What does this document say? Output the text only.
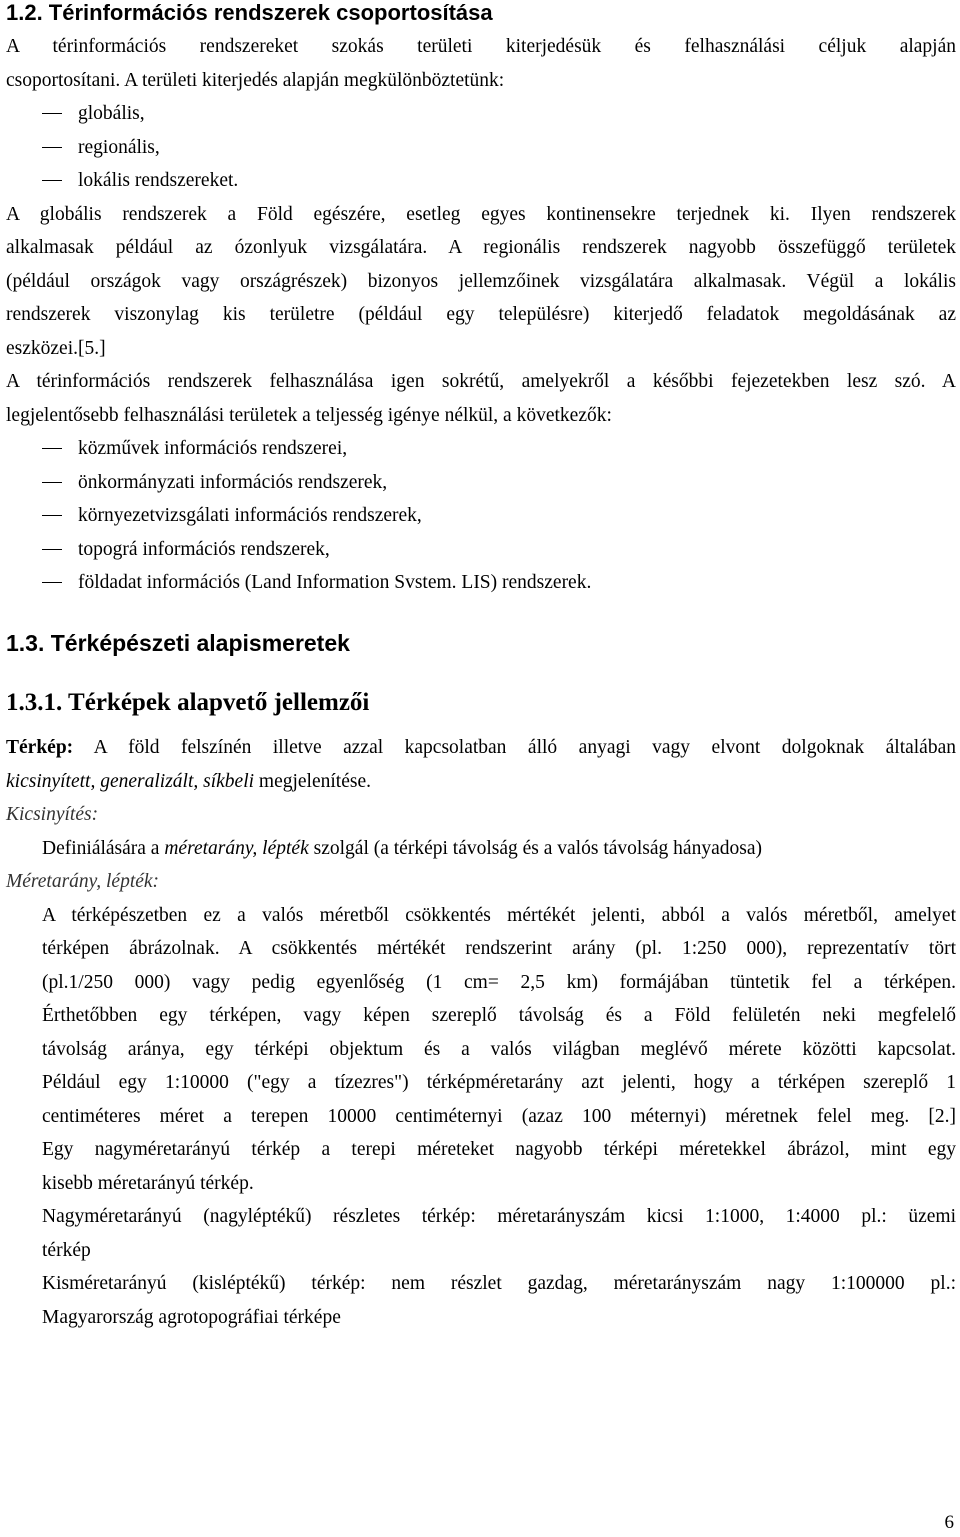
1.2. Térinformációs rendszerek csoportosítása
A térinformációs rendszereket szokás területi kiterjedésük és felhasználási céljuk alapján
csoportosítani. A területi kiterjedés alapján megkülönböztetünk:
globális,
regionális,
lokális rendszereket.
A globális rendszerek a Föld egészére, esetleg egyes kontinensekre terjednek ki. Ilyen rendszerek
alkalmasak például az ózonlyuk vizsgálatára. A regionális rendszerek nagyobb összefüggő területek
(például országok vagy országrészek) bizonyos jellemzőinek vizsgálatára alkalmasak. Végül a lokális
rendszerek viszonylag kis területre (például egy településre) kiterjedő feladatok megoldásának az
eszközei.[5.]
A térinformációs rendszerek felhasználása igen sokrétű, amelyekről a későbbi fejezetekben lesz szó. A
legjelentősebb felhasználási területek a teljesség igénye nélkül, a következők:
közművek információs rendszerei,
önkormányzati információs rendszerek,
környezetvizsgálati információs rendszerek,
topográ információs rendszerek,
földadat információs (Land Information Svstem. LIS) rendszerek.
1.3. Térképészeti alapismeretek
1.3.1. Térképek alapvető jellemzői
Térkép: A föld felszínén illetve azzal kapcsolatban álló anyagi vagy elvont dolgoknak általában
kicsinyített, generalizált, síkbeli megjelenítése.
Kicsinyítés:
Definiálására a méretarány, lépték szolgál (a térképi távolság és a valós távolság hányadosa)
Méretarány, lépték:
A térképészetben ez a valós méretből csökkentés mértékét jelenti, abból a valós méretből, amelyet
térképen ábrázolnak. A csökkentés mértékét rendszerint arány (pl. 1:250 000), reprezentatív tört
(pl.1/250 000) vagy pedig egyenlőség (1 cm= 2,5 km) formájában tüntetik fel a térképen.
Érthetőbben egy térképen, vagy képen szereplő távolság és a Föld felületén neki megfelelő
távolság aránya, egy térképi objektum és a valós világban meglévő mérete közötti kapcsolat.
Például egy 1:10000 ("egy a tízezres") térképméretarány azt jelenti, hogy a térképen szereplő 1
centiméteres méret a terepen 10000 centiméternyi (azaz 100 méternyi) méretnek felel meg. [2.]
Egy nagyméretarányú térkép a terepi méreteket nagyobb térképi méretekkel ábrázol, mint egy
kisebb méretarányú térkép.
Nagyméretarányú (nagyléptékű) részletes térkép: méretarányszám kicsi 1:1000, 1:4000 pl.: üzemi
térkép
Kisméretarányú (kisléptékű) térkép: nem részlet gazdag, méretarányszám nagy 1:100000 pl.:
Magyarország agrotopográfiai térképe
6
